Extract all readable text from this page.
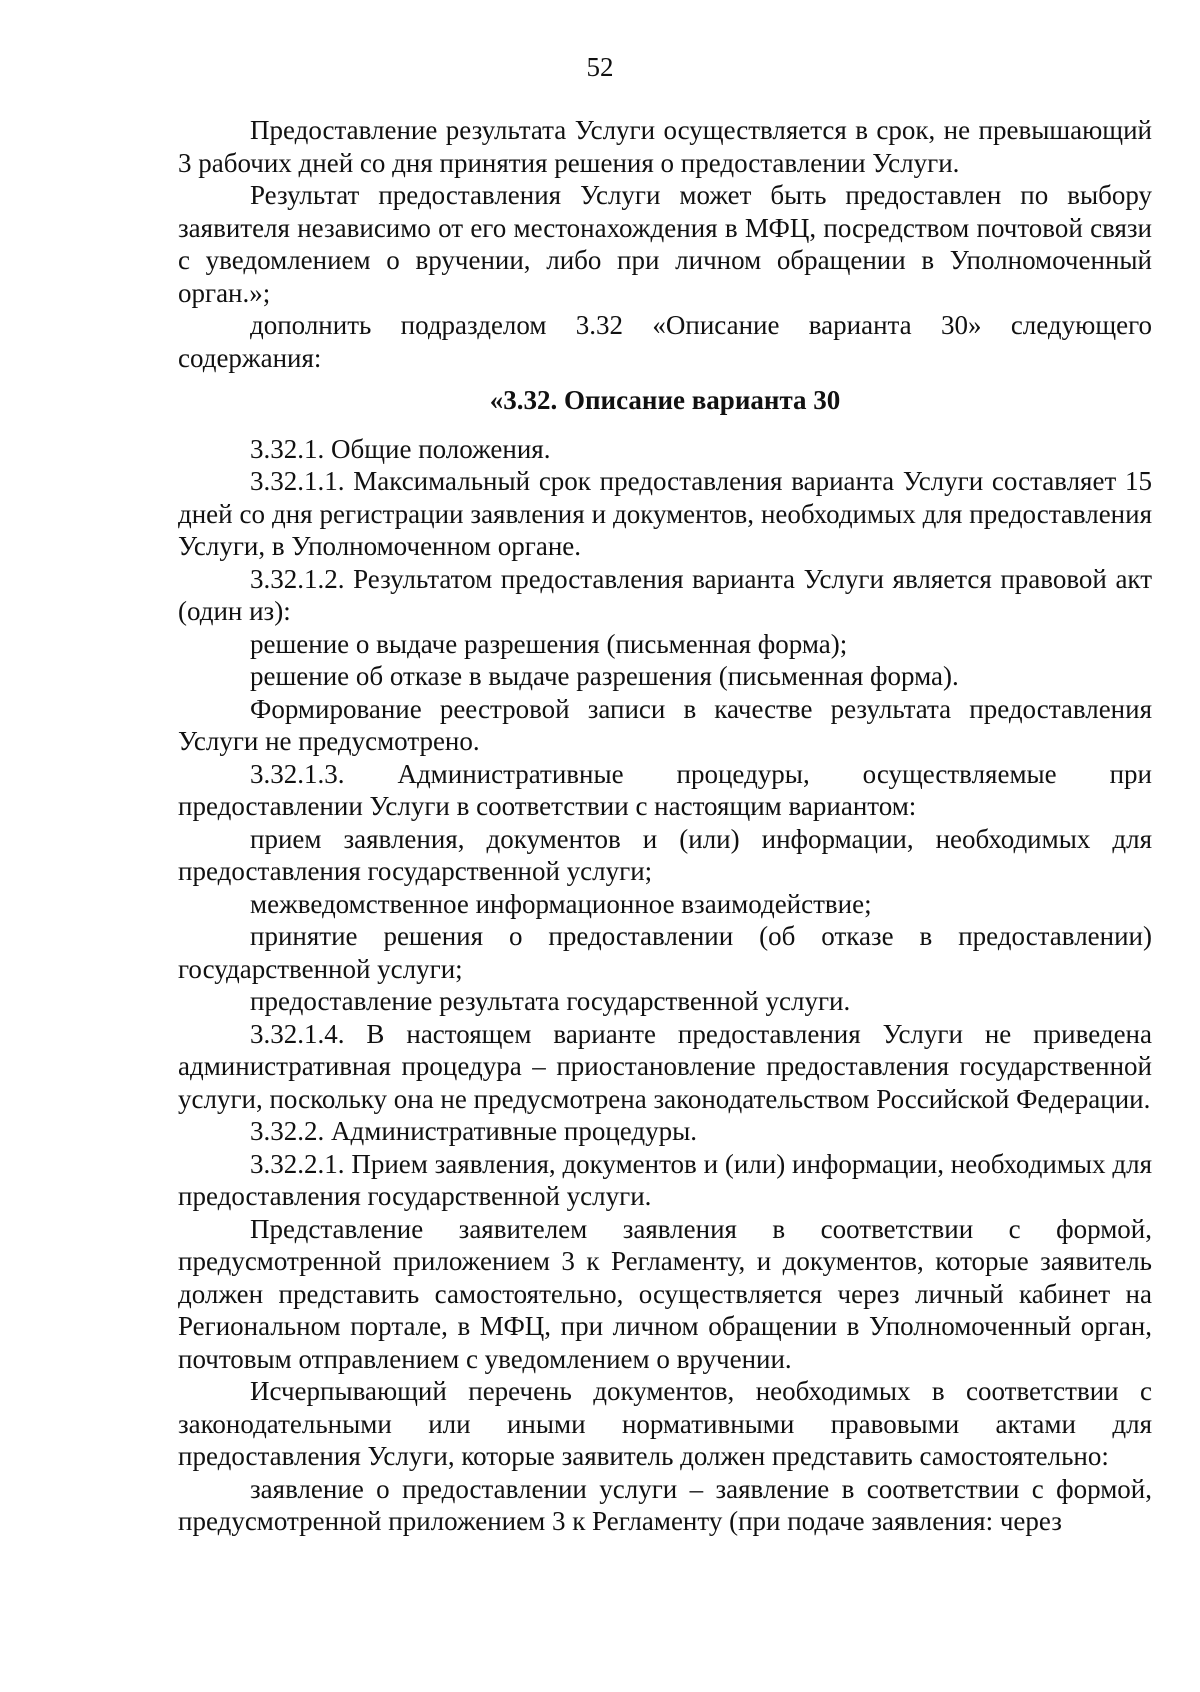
52

Предоставление результата Услуги осуществляется в срок, не превышающий 3 рабочих дней со дня принятия решения о предоставлении Услуги.

Результат предоставления Услуги может быть предоставлен по выбору заявителя независимо от его местонахождения в МФЦ, посредством почтовой связи с уведомлением о вручении, либо при личном обращении в Уполномоченный орган.»;

дополнить подразделом 3.32 «Описание варианта 30» следующего содержания:

«3.32. Описание варианта 30

3.32.1. Общие положения.

3.32.1.1. Максимальный срок предоставления варианта Услуги составляет 15 дней со дня регистрации заявления и документов, необходимых для предоставления Услуги, в Уполномоченном органе.

3.32.1.2. Результатом предоставления варианта Услуги является правовой акт (один из):

решение о выдаче разрешения (письменная форма);

решение об отказе в выдаче разрешения (письменная форма).

Формирование реестровой записи в качестве результата предоставления Услуги не предусмотрено.

3.32.1.3. Административные процедуры, осуществляемые при предоставлении Услуги в соответствии с настоящим вариантом:

прием заявления, документов и (или) информации, необходимых для предоставления государственной услуги;

межведомственное информационное взаимодействие;

принятие решения о предоставлении (об отказе в предоставлении) государственной услуги;

предоставление результата государственной услуги.

3.32.1.4. В настоящем варианте предоставления Услуги не приведена административная процедура – приостановление предоставления государственной услуги, поскольку она не предусмотрена законодательством Российской Федерации.

3.32.2. Административные процедуры.

3.32.2.1. Прием заявления, документов и (или) информации, необходимых для предоставления государственной услуги.

Представление заявителем заявления в соответствии с формой, предусмотренной приложением 3 к Регламенту, и документов, которые заявитель должен представить самостоятельно, осуществляется через личный кабинет на Региональном портале, в МФЦ, при личном обращении в Уполномоченный орган, почтовым отправлением с уведомлением о вручении.

Исчерпывающий перечень документов, необходимых в соответствии с законодательными или иными нормативными правовыми актами для предоставления Услуги, которые заявитель должен представить самостоятельно:

заявление о предоставлении услуги – заявление в соответствии с формой, предусмотренной приложением 3 к Регламенту (при подаче заявления: через
